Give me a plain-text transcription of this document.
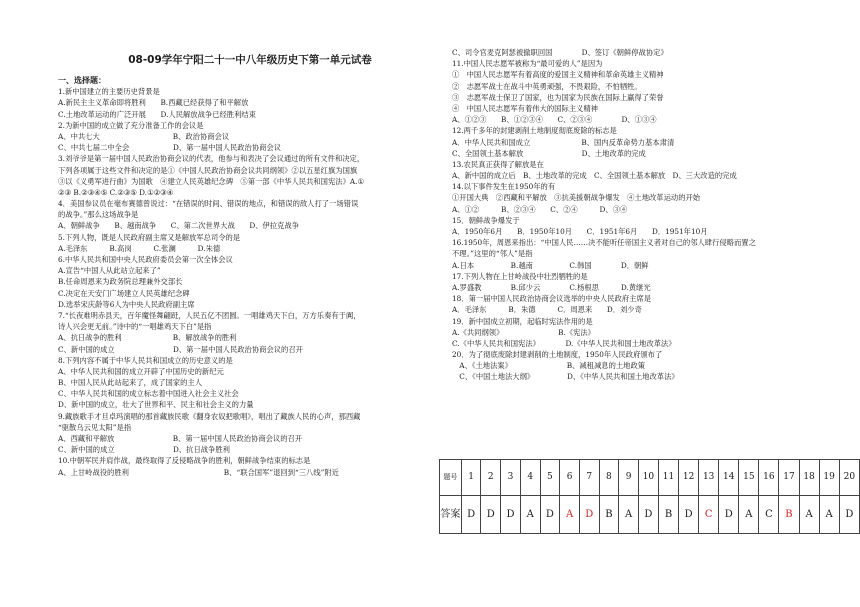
08-09学年宁阳二十一中八年级历史下第一单元试卷
一、选择题：
1.新中国建立的主要历史背景是
A.新民主主义革命即将胜利　　B.西藏已经获得了和平解放
C.土地改革运动的广泛开展　　D.人民解放战争已经胜利结束
2.为新中国的成立做了充分准备工作的会议是
A、中共七大　　　　　　　　　　B、政治协商会议
C、中共七届二中全会　　　　　　D、第一届中国人民政治协商会议
3.刘爷爷是第一届中国人民政治协商会议的代表，他参与和表决了会议通过的所有文件和决定，
下列各项属于这些文件和决定的是①《中国人民政治协商会议共同纲领》②以五星红旗为国旗
③以《义勇军进行曲》为国歌　④建立人民英雄纪念碑　⑤第一部《中华人民共和国宪法》A.①
②③ B.②③④⑤ C.②③⑤ D.①②③④
4．美国参议员在毫布赛德曾说过：“在错误的时间、错误的地点，和错误的敌人打了一场错误
的战争。”那么这场战争是
A、朝鲜战争　　B、越南战争　　C、第二次世界大战　　D、伊拉克战争
5.下列人物，既是人民政府副主席又是解放军总司令的是
A.毛泽东　　　B.高岗　　　C.张澜　　　D.朱德
6.中华人民共和国中央人民政府委员会第一次全体会议
A.宣告“中国人从此站立起来了”
B.任命周恩来为政务院总理兼外交部长
C.决定在天安门广场建立人民英雄纪念碑
D.选举宋庆龄等6人为中央人民政府副主席
7.“长夜难明赤县天，百年魔怪舞翩跹，人民五亿不团圆。一唱雄鸡天下白，万方乐奏有于阗，
诗人兴会更无前。”诗中的“一唱雄鸡天下白”是指
A、抗日战争的胜利　　　　　　　B、解放战争的胜利
C、新中国的成立　　　　　　　　D、第一届中国人民政治协商会议的召开
8.下列内容不属于中华人民共和国成立的历史意义的是
A、中华人民共和国的成立开辟了中国历史的新纪元
B、中国人民从此站起来了，成了国家的主人
C、中华人民共和国的成立标志着中国进入社会主义社会
D、新中国的成立，壮大了世界和平、民主和社会主义的力量
9.藏族歌手才旦卓玛演唱的那首藏族民歌《翻身农奴把歌唱》，唱出了藏族人民的心声，那西藏
“驱散乌云见太阳”是指
A、西藏和平解放　　　　　　　　B、第一届中国人民政治协商会议的召开
C、新中国的成立　　　　　　　　D、抗日战争胜利
10.中朝军民并肩作战，最终取得了反侵略战争的胜利，朝鲜战争结束的标志是
A、上甘岭战役的胜利　　　　　　　　　　　　　B、“联合国军”退回到“三八线”附近
C、司令官麦克阿瑟被撤职回国　　　　D、签订《朝鲜停战协定》
11.中国人民志愿军被称为“最可爱的人”是因为
①　中国人民志愿军有着高度的爱国主义精神和革命英雄主义精神
②　志愿军战士在战斗中英勇顽强，不畏艰险，不怕牺牲。
③　志愿军战士保卫了国家，也为国家为民族在国际上赢得了荣誉
④　中国人民志愿军有着伟大的国际主义精神
A、①②③　　B、①②③④　　C、②③④　　　　D、①③④
12.两千多年的封建剥削土地制度彻底废除的标志是
A．中华人民共和国成立　　　　　　　B、国内反革命势力基本肃清
C、全国领土基本解放　　　　　　　　D、土地改革的完成
13.农民真正获得了解放是在
A、新中国的成立后　B、土地改革的完成　C、全国领土基本解放　D、三大改造的完成
14.以下事件发生在1950年的有
①开国大典　②西藏和平解放　③抗美援朝战争爆发　④土地改革运动的开始
A、①②　　　B、②③④　　C、②④　　　D、③④
15．朝鲜战争爆发于
A．1950年6月　　B．1950年10月　　C．1951年6月　　D．1951年10月
16.1950年，周恩来指出：“中国人民……决不能听任帝国主义者对自己的邻人肆行侵略而置之
不理。”这里的“邻人”是指
A.日本　　　　　B.越南　　　　　C.韩国　　　　D．朝鲜
17.下列人物在上甘岭战役中壮烈牺牲的是
A.罗盛教　　　　B.邱少云　　　　C.杨根思　　　D.黄继光
18．第一届中国人民政治协商会议选举的中央人民政府主席是
A．毛泽东　　　B．朱德　　　C．周恩来　　D．刘少奇
19．新中国成立初期，起临时宪法作用的是
A.《共同纲领》　　　　　　　　B.《宪法》
C.《中华人民共和国宪法》　　　　D.《中华人民共和国土地改革法》
20．为了彻底废除封建剥削的土地制度，1950年人民政府颁布了
　A、《土地法案》　　　　　　　　B、减租减息的土地政策
　C、《中国土地法大纲》　　　　　D、《中华人民共和国土地改革法》
题号	1	2	3	4	5	6	7	8	9	10	11	12	13	14	15	16	17	18	19	20
答案	D	D	D	A	D	A	D	B	A	D	B	D	C	D	A	C	B	A	A	D
